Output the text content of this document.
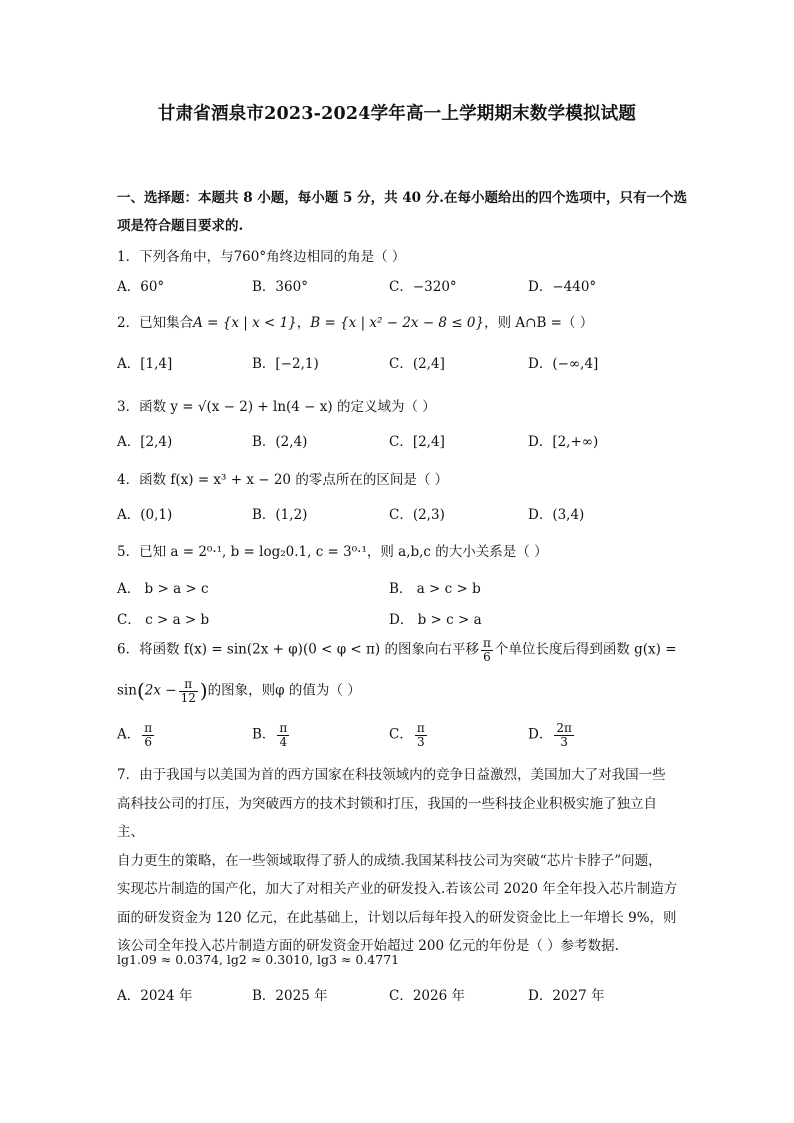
甘肃省酒泉市2023-2024学年高一上学期期末数学模拟试题
一、选择题：本题共 8 小题，每小题 5 分，共 40 分.在每小题给出的四个选项中，只有一个选
项是符合题目要求的.
1．下列各角中，与760°角终边相同的角是（ ）
A．60°	B．360°	C．−320°	D．−440°
2．已知集合A = {x | x < 1}，B = {x | x² − 2x − 8 ≤ 0}，则 A∩B =（ ）
A．[1,4]	B．[−2,1)	C．(2,4]	D．(−∞,4]
3．函数 y = √(x − 2) + ln(4 − x) 的定义域为（ ）
A．[2,4)	B．(2,4)	C．[2,4]	D．[2,+∞)
4．函数 f(x) = x³ + x − 20 的零点所在的区间是（ ）
A．(0,1)	B．(1,2)	C．(2,3)	D．(3,4)
5．已知 a = 2⁰·¹, b = log₂0.1, c = 3⁰·¹，则 a,b,c 的大小关系是（ ）
A． b > a > c	B． a > c > b
C． c > a > b	D． b > c > a
6．将函数 f(x) = sin(2x + φ)(0 < φ < π) 的图象向右平移 $\frac{\pi}{6}$ 个单位长度后得到函数 g(x) =
$\sin(2x - \frac{\pi}{12}$ )的图象，则φ 的值为（ ）
A． $\frac{\pi}{6}$	B． $\frac{\pi}{4}$	C． $\frac{\pi}{3}$	D． $\frac{2\pi}{3}$
7．由于我国与以美国为首的西方国家在科技领域内的竞争日益激烈，美国加大了对我国一些
高科技公司的打压，为突破西方的技术封锁和打压，我国的一些科技企业积极实施了独立自主、
自力更生的策略，在一些领域取得了骄人的成绩.我国某科技公司为突破“芯片卡脖子”问题，
实现芯片制造的国产化，加大了对相关产业的研发投入.若该公司 2020 年全年投入芯片制造方
面的研发资金为 120 亿元，在此基础上，计划以后每年投入的研发资金比上一年增长 9%，则
该公司全年投入芯片制造方面的研发资金开始超过 200 亿元的年份是（ ）参考数据.
lg1.09 ≈ 0.0374, lg2 ≈ 0.3010, lg3 ≈ 0.4771
A．2024 年	B．2025 年	C．2026 年	D．2027 年
